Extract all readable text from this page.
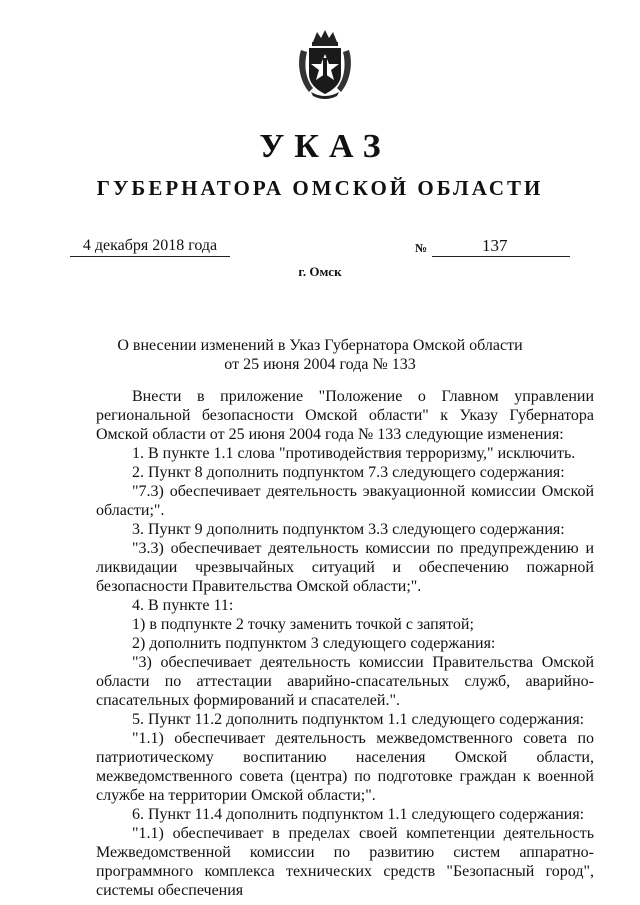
УКАЗ
ГУБЕРНАТОРА ОМСКОЙ ОБЛАСТИ
4 декабря 2018 года	№	137
г. Омск
О внесении изменений в Указ Губернатора Омской области
от 25 июня 2004 года № 133

Внести в приложение "Положение о Главном управлении региональной безопасности Омской области" к Указу Губернатора Омской области от 25 июня 2004 года № 133 следующие изменения:

1. В пункте 1.1 слова "противодействия терроризму," исключить.

2. Пункт 8 дополнить подпунктом 7.3 следующего содержания:

"7.3) обеспечивает деятельность эвакуационной комиссии Омской области;".

3. Пункт 9 дополнить подпунктом 3.3 следующего содержания:

"3.3) обеспечивает деятельность комиссии по предупреждению и ликвидации чрезвычайных ситуаций и обеспечению пожарной безопасности Правительства Омской области;".

4. В пункте 11:

1) в подпункте 2 точку заменить точкой с запятой;

2) дополнить подпунктом 3 следующего содержания:

"3) обеспечивает деятельность комиссии Правительства Омской области по аттестации аварийно-спасательных служб, аварийно-спасательных формирований и спасателей.".

5. Пункт 11.2 дополнить подпунктом 1.1 следующего содержания:

"1.1) обеспечивает деятельность межведомственного совета по патриотическому воспитанию населения Омской области, межведомственного совета (центра) по подготовке граждан к военной службе на территории Омской области;".

6. Пункт 11.4 дополнить подпунктом 1.1 следующего содержания:

"1.1) обеспечивает в пределах своей компетенции деятельность Межведомственной комиссии по развитию систем аппаратно-программного комплекса технических средств "Безопасный город", системы обеспечения
